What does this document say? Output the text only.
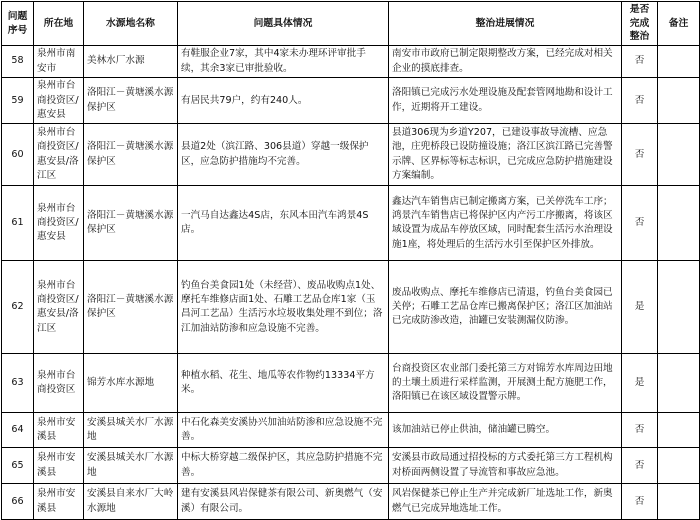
问题序号	所在地	水源地名称	问题具体情况	整治进展情况	是否完成整治	备注
58	泉州市南安市	美林水厂水源	有鞋服企业7家，其中4家未办理环评审批手续，其余3家已审批验收。	南安市市政府已制定限期整改方案，已经完成对相关企业的摸底排查。	否	
59	泉州市台商投资区/惠安县	洛阳江－黄塘溪水源保护区	有居民共79户，约有240人。	洛阳镇已完成污水处理设施及配套管网地勘和设计工作，近期将开工建设。	否	
60	泉州市台商投资区/惠安县/洛江区	洛阳江－黄塘溪水源保护区	县道2处（滨江路、306县道）穿越一级保护区，应急防护措施均不完善。	县道306现为乡道Y207，已建设事故导流槽、应急池，庄兜桥段已设防撞设施；洛江区滨江路已完善警示牌、区界标等标志标识，已完成应急防护措施建设方案编制。	否	
61	泉州市台商投资区/惠安县	洛阳江－黄塘溪水源保护区	一汽马自达鑫达4S店，东风本田汽车鸿景4S店。	鑫达汽车销售店已制定搬离方案，已关停洗车工序；鸿景汽车销售店已将保护区内产污工序搬离，将该区域设置为成品车停放区域，同时配套生活污水治理设施1座，将处理后的生活污水引至保护区外排放。	否	
62	泉州市台商投资区/惠安县/洛江区	洛阳江－黄塘溪水源保护区	钓鱼台美食园1处（未经营）、废品收购点1处、摩托车维修店面1处、石雕工艺品仓库1家（玉昌河工艺品）生活污水垃圾收集处理不到位；洛江加油站防渗和应急设施不完善。	废品收购点、摩托车维修店已清退，钓鱼台美食园已关停；石雕工艺品仓库已搬离保护区；洛江区加油站已完成防渗改造，油罐已安装测漏仪防渗。	是	
63	泉州市台商投资区	锦芳水库水源地	种植水稻、花生、地瓜等农作物约13334平方米。	台商投资区农业部门委托第三方对锦芳水库周边田地的土壤土质进行采样监测，开展测土配方施肥工作，洛阳镇已在该区域设置警示牌。	是	
64	泉州市安溪县	安溪县城关水厂水源地	中石化森美安溪协兴加油站防渗和应急设施不完善。	该加油站已停止供油，储油罐已腾空。	否	
65	泉州市安溪县	安溪县城关水厂水源地	中标大桥穿越二级保护区，其应急防护措施不完善。	安溪县市政局通过招投标的方式委托第三方工程机构对桥面两侧设置了导流管和事故应急池。	否	
66	泉州市安溪县	安溪县自来水厂大岭水源地	建有安溪县风岩保健茶有限公司、新奥燃气（安溪）有限公司。	风岩保健茶已停止生产并完成新厂址选址工作，新奥燃气已完成异地选址工作。	否	
